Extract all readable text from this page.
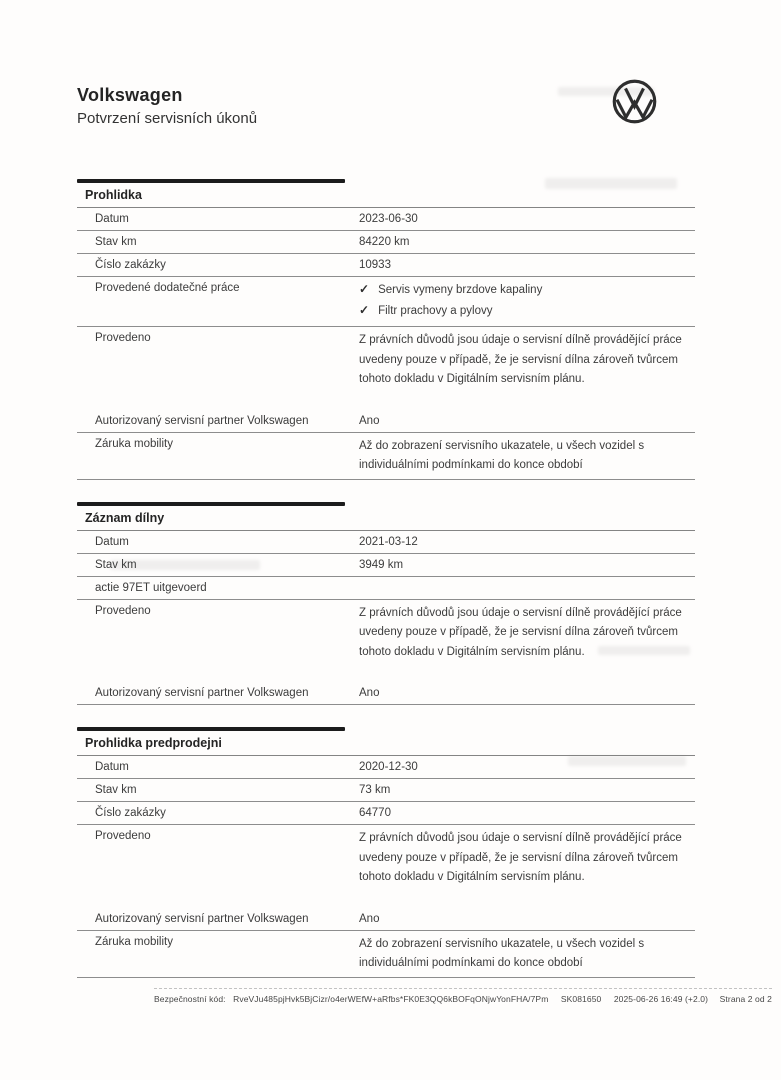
Volkswagen
Potvrzení servisních úkonů
Prohlidka
Datum	2023-06-30
Stav km	84220 km
Číslo zakázky	10933
Provedené dodatečné práce	✓ Servis vymeny brzdove kapaliny
✓ Filtr prachovy a pylovy
Provedeno	Z právních důvodů jsou údaje o servisní dílně provádějící práce uvedeny pouze v případě, že je servisní dílna zároveň tvůrcem tohoto dokladu v Digitálním servisním plánu.
Autorizovaný servisní partner Volkswagen	Ano
Záruka mobility	Až do zobrazení servisního ukazatele, u všech vozidel s individuálními podmínkami do konce období
Záznam dílny
Datum	2021-03-12
Stav km	3949 km
actie 97ET uitgevoerd
Provedeno	Z právních důvodů jsou údaje o servisní dílně provádějící práce uvedeny pouze v případě, že je servisní dílna zároveň tvůrcem tohoto dokladu v Digitálním servisním plánu.
Autorizovaný servisní partner Volkswagen	Ano
Prohlidka predprodejni
Datum	2020-12-30
Stav km	73 km
Číslo zakázky	64770
Provedeno	Z právních důvodů jsou údaje o servisní dílně provádějící práce uvedeny pouze v případě, že je servisní dílna zároveň tvůrcem tohoto dokladu v Digitálním servisním plánu.
Autorizovaný servisní partner Volkswagen	Ano
Záruka mobility	Až do zobrazení servisního ukazatele, u všech vozidel s individuálními podmínkami do konce období
Bezpečnostní kód: RveVJu485pjHvk5BjCizr/o4erWEfW+aRfbs*FK0E3QQ6kBOFqONjwYonFHA/7Pm SK081650 2025-06-26 16:49 (+2.0)	Strana 2 od 2
